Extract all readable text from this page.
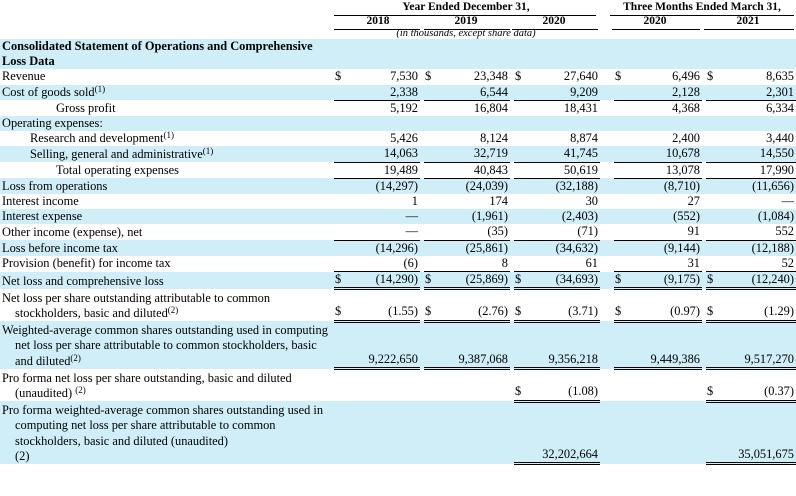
Year Ended December 31,	Three Months Ended March 31,
2018	2019	2020	2020	2021
(in thousands, except share data)
Consolidated Statement of Operations and Comprehensive Loss Data														
Revenue	$	7,530		$	23,348		$	27,640		$	6,496		$	8,635
Cost of goods sold$^{(1)}$		2,338			6,544			9,209			2,128			2,301
Gross profit		5,192			16,804			18,431			4,368			6,334
Operating expenses:														
Research and development$^{(1)}$		5,426			8,124			8,874			2,400			3,440
Selling, general and administrative$^{(1)}$		14,063			32,719			41,745			10,678			14,550
Total operating expenses		19,489			40,843			50,619			13,078			17,990
Loss from operations		(14,297)			(24,039)			(32,188)			(8,710)			(11,656)
Interest income		1			174			30			27			—
Interest expense		—			(1,961)			(2,403)			(552)			(1,084)
Other income (expense), net		—			(35)			(71)			91			552
Loss before income tax		(14,296)			(25,861)			(34,632)			(9,144)			(12,188)
Provision (benefit) for income tax		(6)			8			61			31			52
Net loss and comprehensive loss	$	(14,290)		$	(25,869)		$	(34,693)		$	(9,175)		$	(12,240)
Net loss per share outstanding attributable to common stockholders, basic and diluted$^{(2)}$	$	(1.55)		$	(2.76)		$	(3.71)		$	(0.97)		$	(1.29)
Weighted-average common shares outstanding used in computing net loss per share attributable to common stockholders, basic and diluted$^{(2)}$		9,222,650			9,387,068			9,356,218			9,449,386			9,517,270
Pro forma net loss per share outstanding, basic and diluted (unaudited) $^{(2)}$							$	(1.08)					$	(0.37)
Pro forma weighted-average common shares outstanding used in computing net loss per share attributable to common stockholders, basic and diluted (unaudited)
(2)								32,202,664						35,051,675
